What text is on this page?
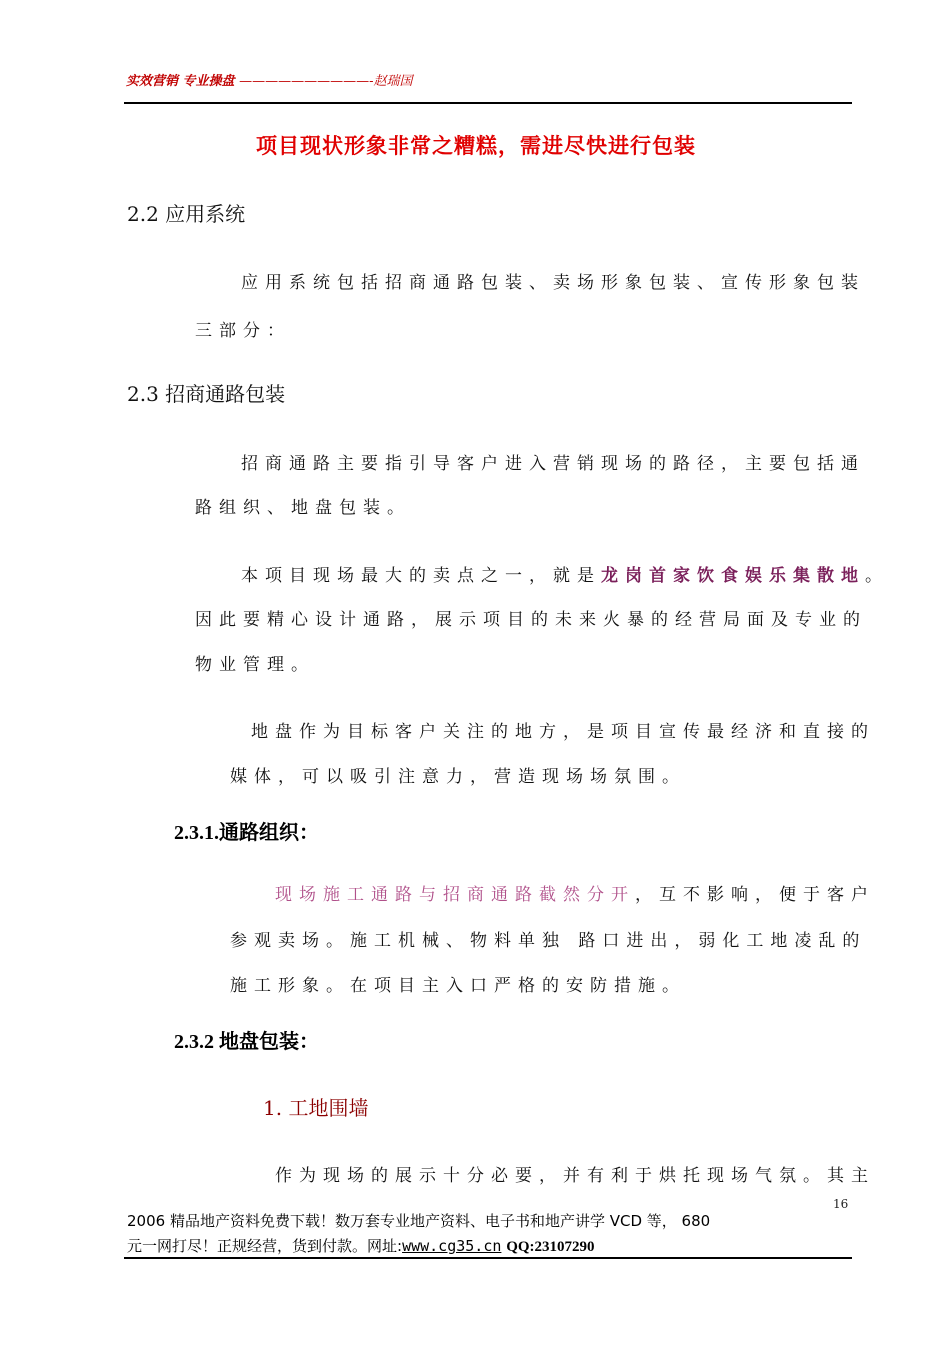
实效营销 专业操盘 ——————————-赵瑞国
项目现状形象非常之糟糕，需进尽快进行包装
2.2 应用系统
应用系统包括招商通路包装、卖场形象包装、宣传形象包装
三部分：
2.3 招商通路包装
招商通路主要指引导客户进入营销现场的路径，主要包括通
路组织、地盘包装。
本项目现场最大的卖点之一，就是龙岗首家饮食娱乐集散地。
因此要精心设计通路，展示项目的未来火暴的经营局面及专业的
物业管理。
地盘作为目标客户关注的地方，是项目宣传最经济和直接的
媒体，可以吸引注意力，营造现场场氛围。
2.3.1.通路组织：
现场施工通路与招商通路截然分开，互不影响，便于客户
参观卖场。施工机械、物料单独 路口进出，弱化工地凌乱的
施工形象。在项目主入口严格的安防措施。
2.3.2 地盘包装：
1. 工地围墙
作为现场的展示十分必要，并有利于烘托现场气氛。其主
16
2006 精品地产资料免费下载！数万套专业地产资料、电子书和地产讲学 VCD 等， 680
元一网打尽！正规经营，货到付款。网址:www.cg35.cn QQ:23107290
